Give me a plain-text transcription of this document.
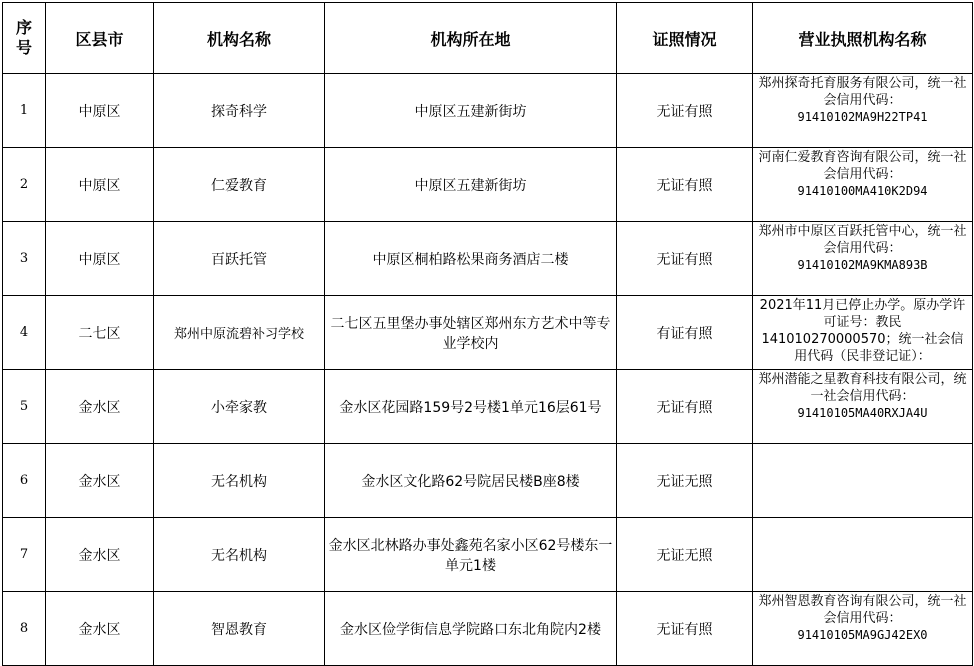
序
号	区县市	机构名称	机构所在地	证照情况	营业执照机构名称
1	中原区	探奇科学	中原区五建新街坊	无证有照	郑州探奇托育服务有限公司，统一社会信用代码：
91410102MA9H22TP41

2	中原区	仁爱教育	中原区五建新街坊	无证有照	河南仁爱教育咨询有限公司，统一社会信用代码：
91410100MA410K2D94

3	中原区	百跃托管	中原区桐柏路松果商务酒店二楼	无证有照	郑州市中原区百跃托管中心，统一社会信用代码：
91410102MA9KMA893B

4	二七区	郑州中原流碧补习学校	二七区五里堡办事处辖区郑州东方艺术中等专业学校内	有证有照	2021年11月已停止办学。原办学许可证号：教民141010270000570；统一社会信用代码（民非登记证）：

5	金水区	小牵家教	金水区花园路159号2号楼1单元16层61号	无证有照	郑州潜能之星教育科技有限公司，统一社会信用代码：
91410105MA40RXJA4U

6	金水区	无名机构	金水区文化路62号院居民楼B座8楼	无证无照	

7	金水区	无名机构	金水区北林路办事处鑫苑名家小区62号楼东一单元1楼	无证无照	

8	金水区	智恩教育	金水区俭学街信息学院路口东北角院内2楼	无证有照	郑州智恩教育咨询有限公司，统一社会信用代码：
91410105MA9GJ42EX0
